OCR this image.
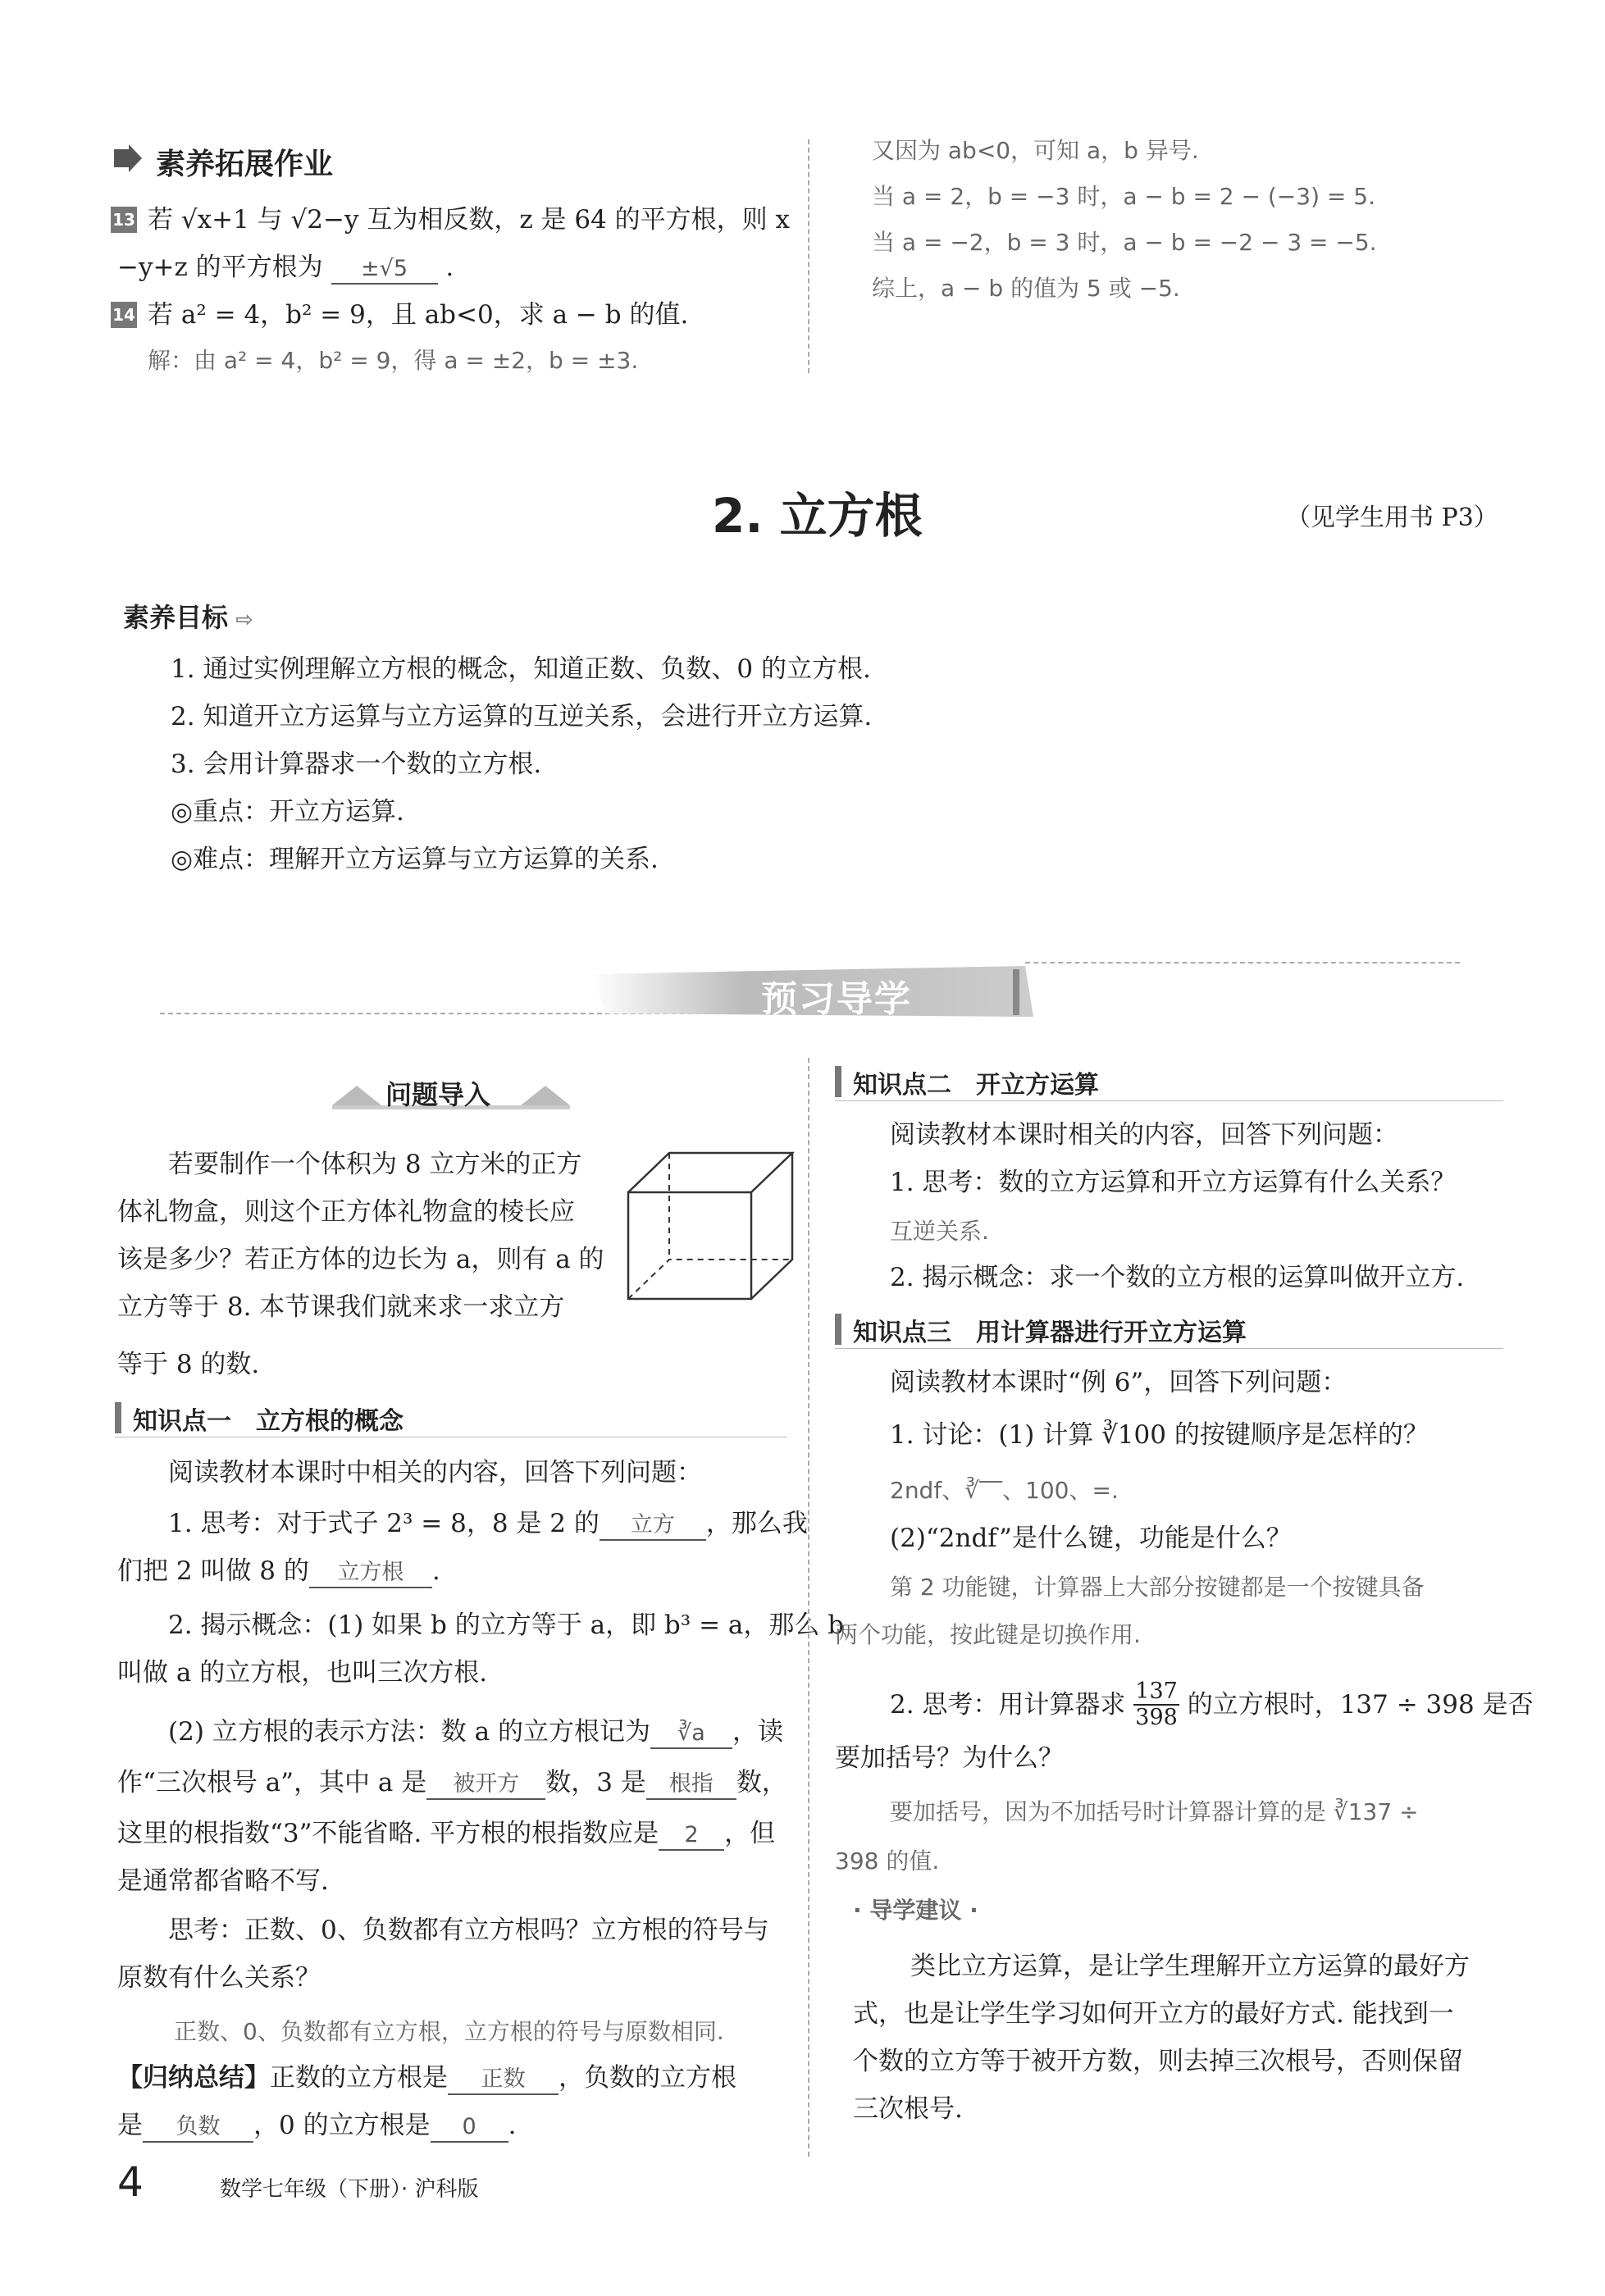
素养拓展作业
13 若 √x+1 与 √2−y 互为相反数，z 是 64 的平方根，则 x
−y+z 的平方根为 ±√5 .
14 若 a² = 4，b² = 9，且 ab<0，求 a − b 的值.
解：由 a² = 4，b² = 9，得 a = ±2，b = ±3.
又因为 ab<0，可知 a，b 异号.
当 a = 2，b = −3 时，a − b = 2 − (−3) = 5.
当 a = −2，b = 3 时，a − b = −2 − 3 = −5.
综上，a − b 的值为 5 或 −5.
2. 立方根	（见学生用书 P3）
素养目标 ⇨
1. 通过实例理解立方根的概念，知道正数、负数、0 的立方根.
2. 知道开立方运算与立方运算的互逆关系，会进行开立方运算.
3. 会用计算器求一个数的立方根.
◎重点：开立方运算.
◎难点：理解开立方运算与立方运算的关系.
预习导学
问题导入
若要制作一个体积为 8 立方米的正方
体礼物盒，则这个正方体礼物盒的棱长应
该是多少？若正方体的边长为 a，则有 a 的
立方等于 8. 本节课我们就来求一求立方
等于 8 的数.
知识点一　立方根的概念
阅读教材本课时中相关的内容，回答下列问题：
1. 思考：对于式子 2³ = 8，8 是 2 的 立方 ，那么我
们把 2 叫做 8 的 立方根 .
2. 揭示概念：(1) 如果 b 的立方等于 a，即 b³ = a，那么 b
叫做 a 的立方根，也叫三次方根.
(2) 立方根的表示方法：数 a 的立方根记为 ∛a ，读
作“三次根号 a”，其中 a 是 被开方 数，3 是 根指 数，
这里的根指数“3”不能省略. 平方根的根指数应是 2 ，但
是通常都省略不写.
思考：正数、0、负数都有立方根吗？立方根的符号与
原数有什么关系？
正数、0、负数都有立方根，立方根的符号与原数相同.
【归纳总结】正数的立方根是 正数 ，负数的立方根
是 负数 ，0 的立方根是 0 .
知识点二　开立方运算
阅读教材本课时相关的内容，回答下列问题：
1. 思考：数的立方运算和开立方运算有什么关系？
互逆关系.
2. 揭示概念：求一个数的立方根的运算叫做开立方.
知识点三　用计算器进行开立方运算
阅读教材本课时“例 6”，回答下列问题：
1. 讨论：(1) 计算 ∛100 的按键顺序是怎样的？
2ndf、∛‾‾、100、=.
(2)“2ndf”是什么键，功能是什么？
第 2 功能键，计算器上大部分按键都是一个按键具备
两个功能，按此键是切换作用.
2. 思考：用计算器求 $\frac{137}{398}$ 的立方根时，137 ÷ 398 是否
要加括号？为什么？
要加括号，因为不加括号时计算器计算的是 ∛137 ÷
398 的值.
· 导学建议 ·
类比立方运算，是让学生理解开立方运算的最好方
式，也是让学生学习如何开立方的最好方式. 能找到一
个数的立方等于被开方数，则去掉三次根号，否则保留
三次根号.
4	数学七年级（下册）· 沪科版
